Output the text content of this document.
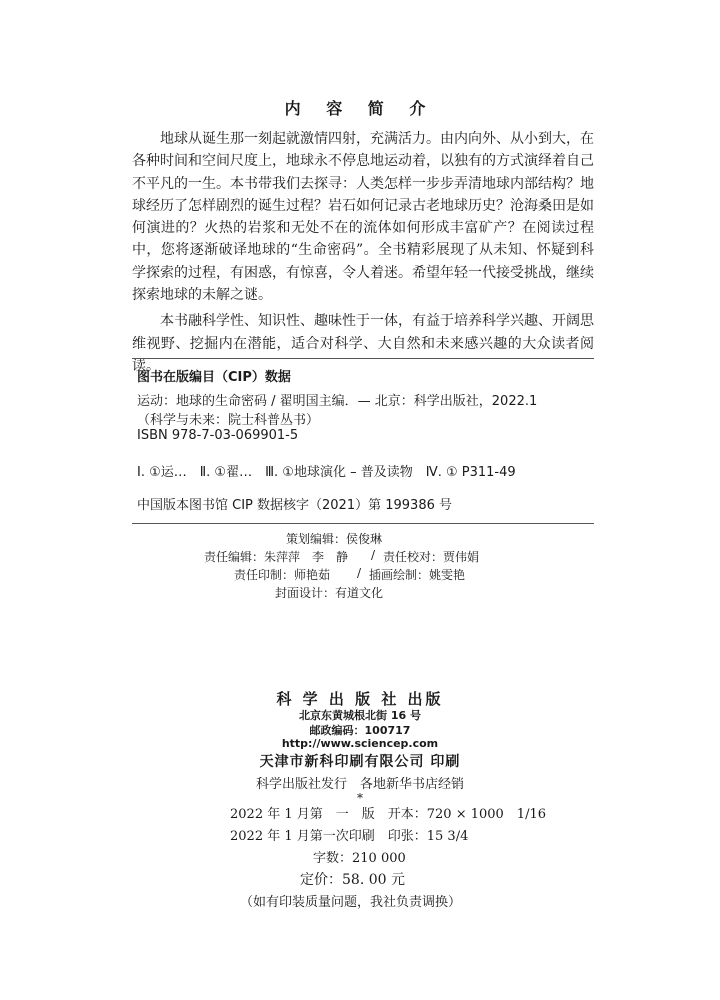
内 容 简 介

地球从诞生那一刻起就激情四射，充满活力。由内向外、从小到大，在各种时间和空间尺度上，地球永不停息地运动着，以独有的方式演绎着自己不平凡的一生。本书带我们去探寻：人类怎样一步步弄清地球内部结构？地球经历了怎样剧烈的诞生过程？岩石如何记录古老地球历史？沧海桑田是如何演进的？火热的岩浆和无处不在的流体如何形成丰富矿产？在阅读过程中，您将逐渐破译地球的“生命密码”。全书精彩展现了从未知、怀疑到科学探索的过程，有困惑，有惊喜，令人着迷。希望年轻一代接受挑战，继续探索地球的未解之谜。

本书融科学性、知识性、趣味性于一体，有益于培养科学兴趣、开阔思维视野、挖掘内在潜能，适合对科学、大自然和未来感兴趣的大众读者阅读。

图书在版编目（CIP）数据
运动：地球的生命密码 / 翟明国主编．— 北京：科学出版社，2022.1
（科学与未来：院士科普丛书）
ISBN 978-7-03-069901-5
Ⅰ. ①运…　Ⅱ. ①翟…　Ⅲ. ①地球演化 – 普及读物　Ⅳ. ① P311-49
中国版本图书馆 CIP 数据核字（2021）第 199386 号
策划编辑：侯俊琳
责任编辑：朱萍萍　李　静 / 责任校对：贾伟娟
责任印制：师艳茹 / 插画绘制：姚雯艳
封面设计：有道文化
科 学 出 版 社 出版
北京东黄城根北街 16 号
邮政编码：100717
http://www.sciencep.com
天津市新科印刷有限公司 印刷
科学出版社发行　各地新华书店经销
*
2022 年 1 月第　一　版　开本：720 × 1000　1/16
2022 年 1 月第一次印刷　印张：15 3/4
字数：210 000
定价：58. 00 元
（如有印装质量问题，我社负责调换）
